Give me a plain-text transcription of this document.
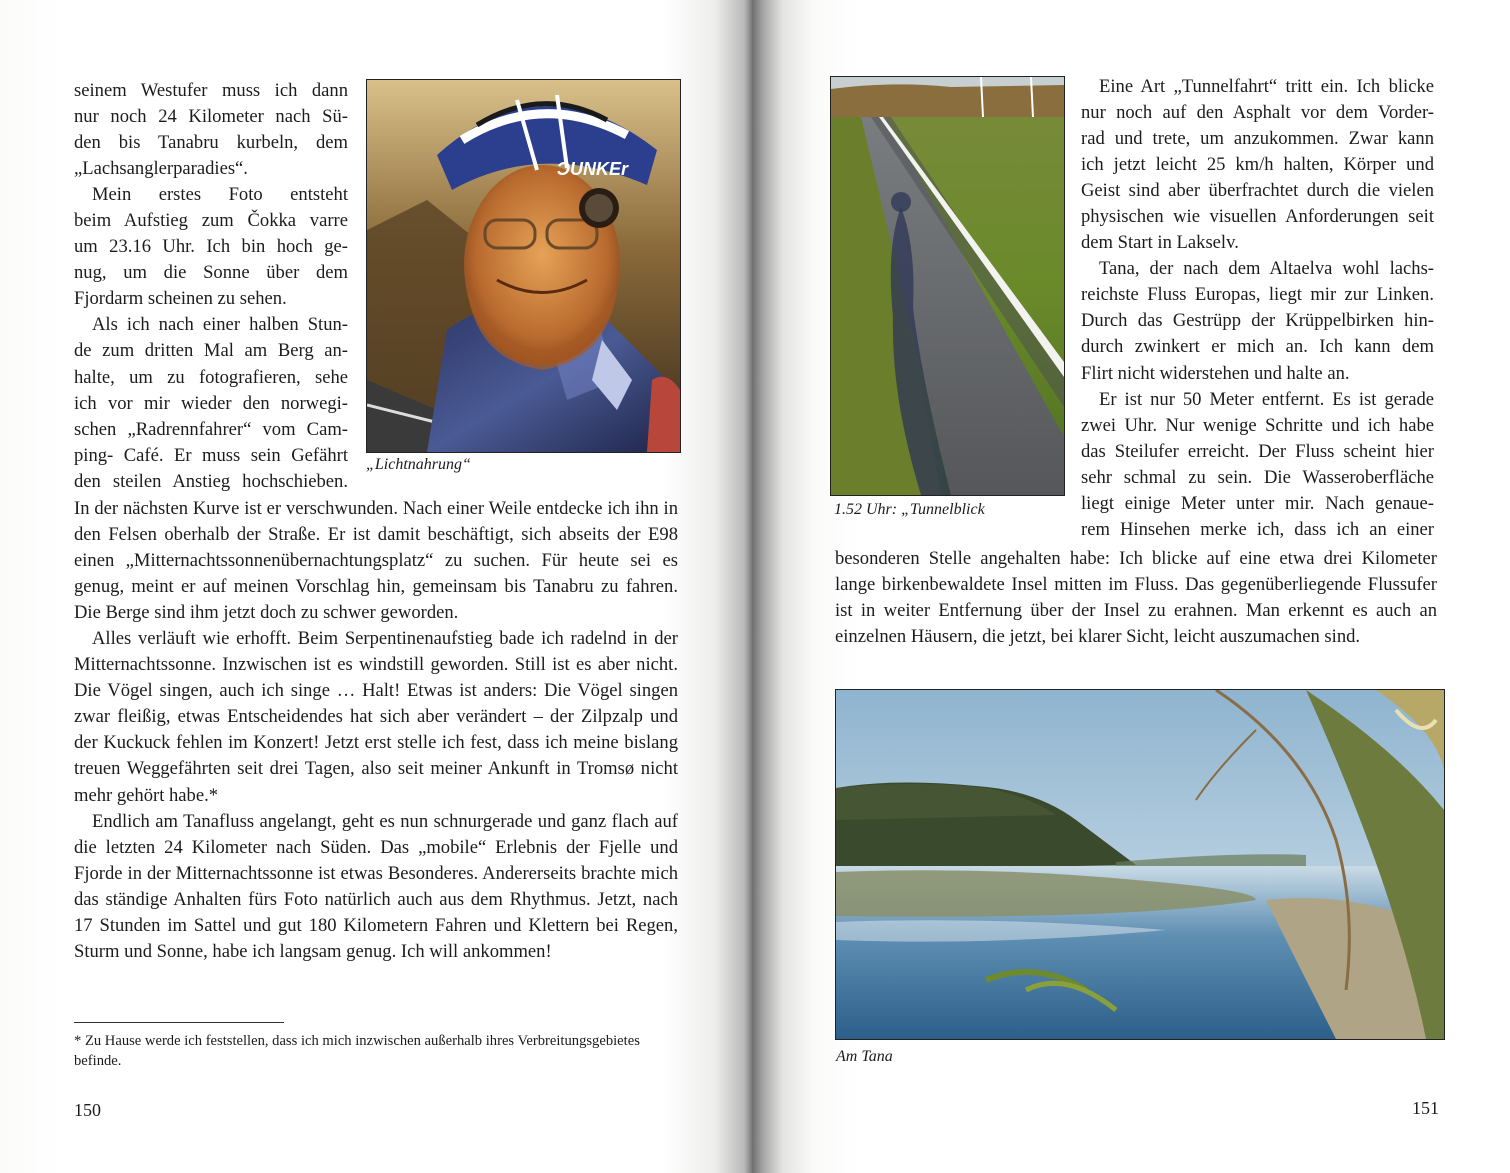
seinem Westufer muss ich dann
nur noch 24 Kilometer nach Sü-
den bis Tanabru kurbeln, dem
„Lachsanglerparadies“.

Mein erstes Foto entsteht
beim Aufstieg zum Čokka varre
um 23.16 Uhr. Ich bin hoch ge-
nug, um die Sonne über dem
Fjordarm scheinen zu sehen.

Als ich nach einer halben Stun-
de zum dritten Mal am Berg an-
halte, um zu fotografieren, sehe
ich vor mir wieder den norwegi-
schen „Radrennfahrer“ vom Cam-
ping- Café. Er muss sein Gefährt
den steilen Anstieg hochschieben.

ƆUNKEr
„Lichtnahrung“

In der nächsten Kurve ist er verschwunden. Nach einer Weile entdecke ich ihn in den Felsen oberhalb der Straße. Er ist damit beschäftigt, sich abseits der E98 einen „Mitternachtssonnenübernachtungsplatz“ zu suchen. Für heute sei es genug, meint er auf meinen Vorschlag hin, gemeinsam bis Tanabru zu fahren. Die Berge sind ihm jetzt doch zu schwer geworden.

Alles verläuft wie erhofft. Beim Serpentinenaufstieg bade ich radelnd in der Mitternachtssonne. Inzwischen ist es windstill geworden. Still ist es aber nicht. Die Vögel singen, auch ich singe … Halt! Etwas ist anders: Die Vögel singen zwar fleißig, etwas Entscheidendes hat sich aber verändert – der Zilpzalp und der Kuckuck fehlen im Konzert! Jetzt erst stelle ich fest, dass ich meine bislang treuen Weggefährten seit drei Tagen, also seit meiner Ankunft in Tromsø nicht mehr gehört habe.*

Endlich am Tanafluss angelangt, geht es nun schnurgerade und ganz flach auf die letzten 24 Kilometer nach Süden. Das „mobile“ Erlebnis der Fjelle und Fjorde in der Mitternachtssonne ist etwas Besonderes. Andererseits brachte mich das ständige Anhalten fürs Foto natürlich auch aus dem Rhythmus. Jetzt, nach 17 Stunden im Sattel und gut 180 Kilometern Fahren und Klettern bei Regen, Sturm und Sonne, habe ich langsam genug. Ich will ankommen!

* Zu Hause werde ich feststellen, dass ich mich inzwischen außerhalb ihres Verbreitungsgebietes befinde.
150
1.52 Uhr: „Tunnelblick

Eine Art „Tunnelfahrt“ tritt ein. Ich blicke
nur noch auf den Asphalt vor dem Vorder-
rad und trete, um anzukommen. Zwar kann
ich jetzt leicht 25 km/h halten, Körper und
Geist sind aber überfrachtet durch die vielen
physischen wie visuellen Anforderungen seit
dem Start in Lakselv.

Tana, der nach dem Altaelva wohl lachs-
reichste Fluss Europas, liegt mir zur Linken.
Durch das Gestrüpp der Krüppelbirken hin-
durch zwinkert er mich an. Ich kann dem
Flirt nicht widerstehen und halte an.

Er ist nur 50 Meter entfernt. Es ist gerade
zwei Uhr. Nur wenige Schritte und ich habe
das Steilufer erreicht. Der Fluss scheint hier
sehr schmal zu sein. Die Wasseroberfläche
liegt einige Meter unter mir. Nach genaue-
rem Hinsehen merke ich, dass ich an einer

besonderen Stelle angehalten habe: Ich blicke auf eine etwa drei Kilometer lange birkenbewaldete Insel mitten im Fluss. Das gegenüberliegende Flussufer ist in weiter Entfernung über der Insel zu erahnen. Man erkennt es auch an einzelnen Häusern, die jetzt, bei klarer Sicht, leicht auszumachen sind.

Am Tana
151
